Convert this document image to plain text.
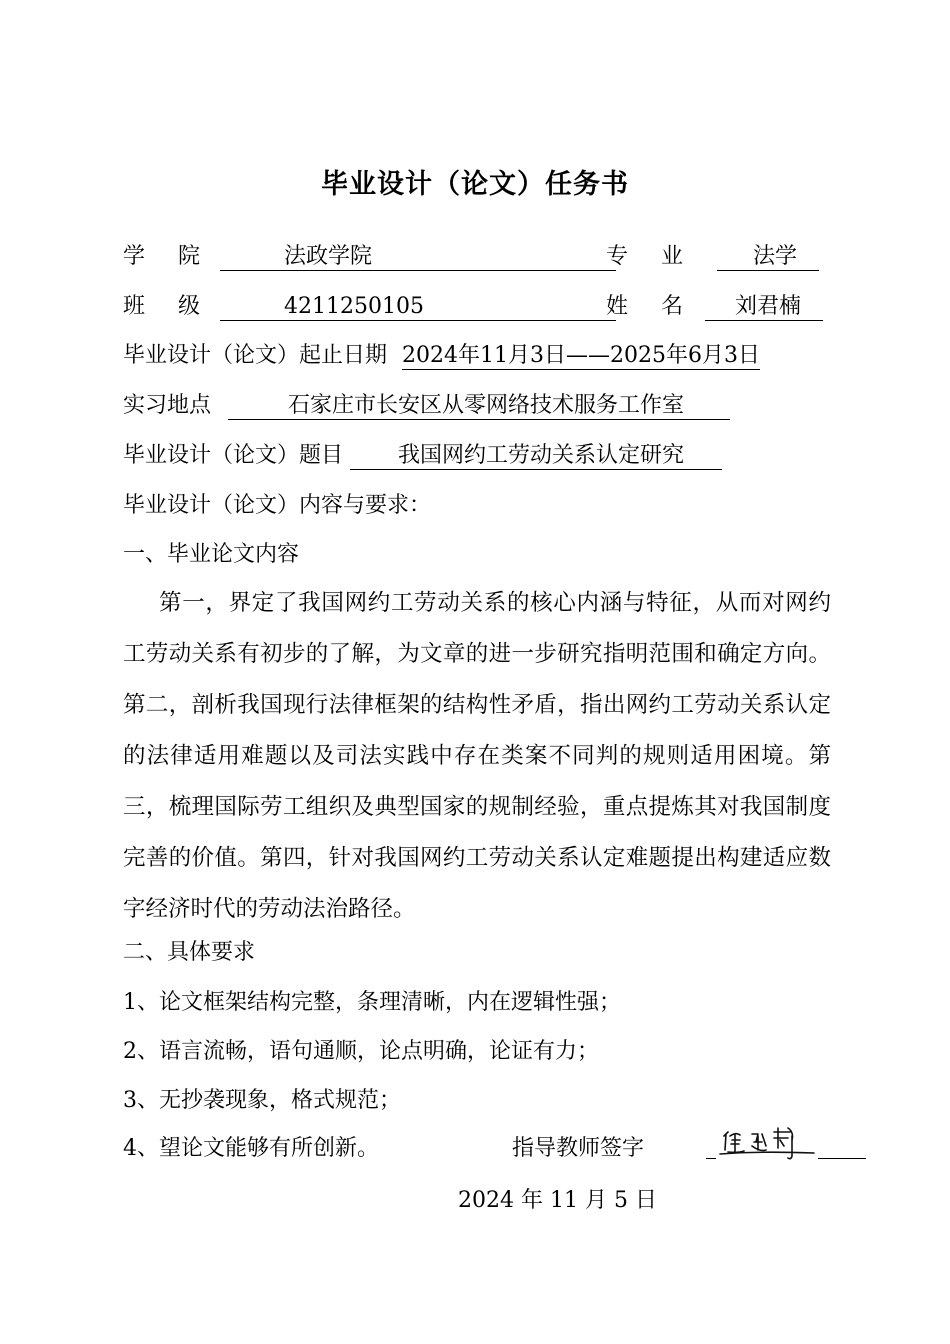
毕业设计（论文）任务书
学 院	法政学院	专 业	法学
班 级	4211250105	姓 名 刘君楠
毕业设计（论文）起止日期 2024年11月3日——2025年6月3日
实习地点	石家庄市长安区从零网络技术服务工作室
毕业设计（论文）题目	我国网约工劳动关系认定研究
毕业设计（论文）内容与要求：
一、毕业论文内容
第一，界定了我国网约工劳动关系的核心内涵与特征，从而对网约工劳动关系有初步的了解，为文章的进一步研究指明范围和确定方向。第二，剖析我国现行法律框架的结构性矛盾，指出网约工劳动关系认定的法律适用难题以及司法实践中存在类案不同判的规则适用困境。第三，梳理国际劳工组织及典型国家的规制经验，重点提炼其对我国制度完善的价值。第四，针对我国网约工劳动关系认定难题提出构建适应数字经济时代的劳动法治路径。
二、具体要求
1、论文框架结构完整，条理清晰，内在逻辑性强；
2、语言流畅，语句通顺，论点明确，论证有力；
3、无抄袭现象，格式规范；
4、望论文能够有所创新。	指导教师签字
2024 年 11 月 5 日
